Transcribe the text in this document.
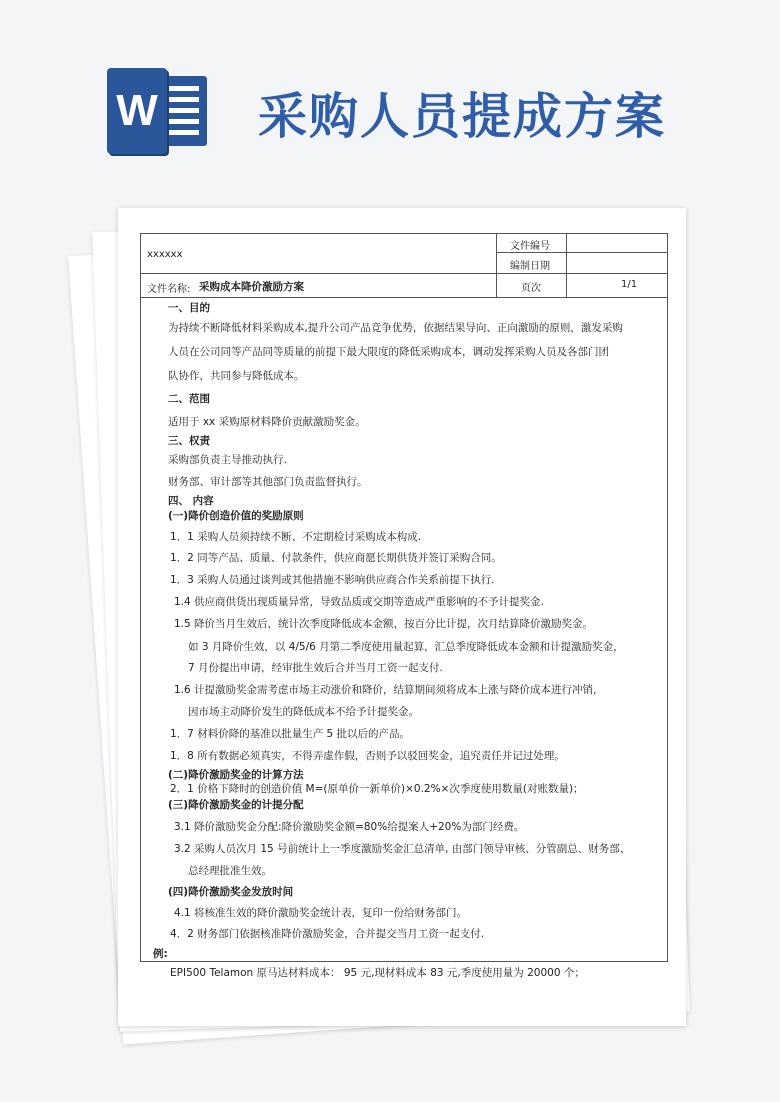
W 采购人员提成方案
xxxxxx
文件名称: 采购成本降价激励方案
文件编号
编制日期
页次	1/1
一、目的
为持续不断降低材料采购成本,提升公司产品竞争优势，依据结果导向、正向激励的原则，激发采购
人员在公司同等产品同等质量的前提下最大限度的降低采购成本，调动发挥采购人员及各部门团
队协作，共同参与降低成本。
二、范围
适用于 xx 采购原材料降价贡献激励奖金。
三、权责
采购部负责主导推动执行.
财务部、审计部等其他部门负责监督执行。
四、 内容
(一)降价创造价值的奖励原则
1．1 采购人员须持续不断、不定期检讨采购成本构成.
1．2 同等产品、质量、付款条件，供应商愿长期供货并签订采购合同。
1．3 采购人员通过谈判或其他措施不影响供应商合作关系前提下执行.
1.4 供应商供货出现质量异常，导致品质或交期等造成严重影响的不予计提奖金.
1.5 降价当月生效后，统计次季度降低成本金额，按百分比计提，次月结算降价激励奖金。
如 3 月降价生效，以 4/5/6 月第二季度使用量起算，汇总季度降低成本金额和计提激励奖金，
7 月份提出申请，经审批生效后合并当月工资一起支付.
1.6 计提激励奖金需考虑市场主动涨价和降价，结算期间须将成本上涨与降价成本进行冲销，
因市场主动降价发生的降低成本不给予计提奖金。
1．7 材料价降的基准以批量生产 5 批以后的产品。
1．8 所有数据必须真实，不得弄虚作假，否则予以驳回奖金，追究责任并记过处理。
(二)降价激励奖金的计算方法
2．1 价格下降时的创造价值 M=(原单价一新单价)×0.2%×次季度使用数量(对账数量)；
(三)降价激励奖金的计提分配
3.1 降价激励奖金分配:降价激励奖金额=80%给提案人+20%为部门经费。
3.2 采购人员次月 15 号前统计上一季度激励奖金汇总清单, 由部门领导审核、分管副总、财务部、
总经理批准生效。
(四)降价激励奖金发放时间
4.1 将核准生效的降价激励奖金统计表，复印一份给财务部门。
4．2 财务部门依据核准降价激励奖金，合并提交当月工资一起支付.
例:
EPI500 Telamon 原马达材料成本： 95 元,现材料成本 83 元,季度使用量为 20000 个；
